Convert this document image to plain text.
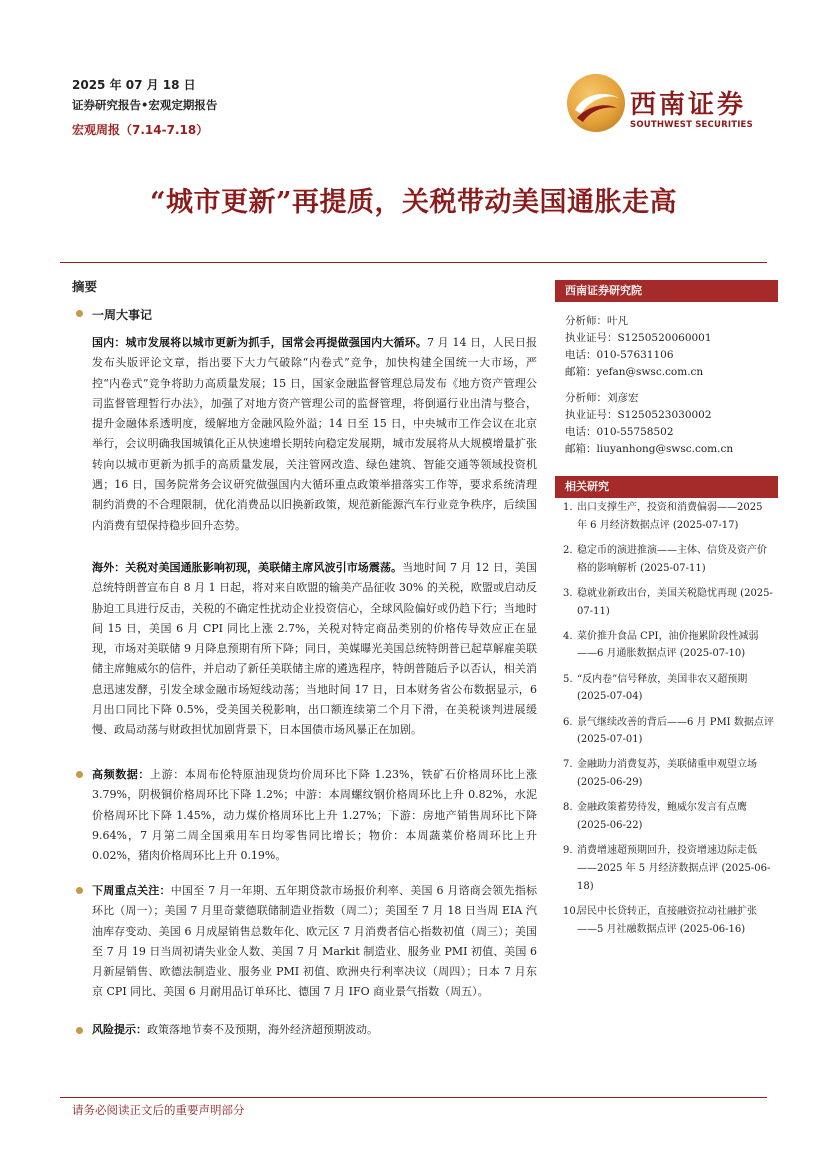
2025 年 07 月 18 日
证券研究报告•宏观定期报告
宏观周报（7.14-7.18）
西南证券
SOUTHWEST SECURITIES
“城市更新”再提质，关税带动美国通胀走高
摘要
一周大事记
国内：城市发展将以城市更新为抓手，国常会再提做强国内大循环。7 月 14 日，人民日报发布头版评论文章，指出要下大力气破除“内卷式”竞争，加快构建全国统一大市场，严控“内卷式”竞争将助力高质量发展；15 日，国家金融监督管理总局发布《地方资产管理公司监督管理暂行办法》，加强了对地方资产管理公司的监督管理，将倒逼行业出清与整合，提升金融体系透明度，缓解地方金融风险外溢；14 日至 15 日，中央城市工作会议在北京举行，会议明确我国城镇化正从快速增长期转向稳定发展期，城市发展将从大规模增量扩张转向以城市更新为抓手的高质量发展，关注管网改造、绿色建筑、智能交通等领域投资机遇；16 日，国务院常务会议研究做强国内大循环重点政策举措落实工作等，要求系统清理制约消费的不合理限制，优化消费品以旧换新政策，规范新能源汽车行业竞争秩序，后续国内消费有望保持稳步回升态势。
海外：关税对美国通胀影响初现，美联储主席风波引市场震荡。当地时间 7 月 12 日，美国总统特朗普宣布自 8 月 1 日起，将对来自欧盟的输美产品征收 30% 的关税，欧盟或启动反胁迫工具进行反击，关税的不确定性扰动企业投资信心，全球风险偏好或仍趋下行；当地时间 15 日，美国 6 月 CPI 同比上涨 2.7%，关税对特定商品类别的价格传导效应正在显现，市场对美联储 9 月降息预期有所下降；同日，美媒曝光美国总统特朗普已起草解雇美联储主席鲍威尔的信件，并启动了新任美联储主席的遴选程序，特朗普随后予以否认，相关消息迅速发酵，引发全球金融市场短线动荡；当地时间 17 日，日本财务省公布数据显示，6 月出口同比下降 0.5%，受美国关税影响，出口额连续第二个月下滑，在美税谈判进展缓慢、政局动荡与财政担忧加剧背景下，日本国债市场风暴正在加剧。
高频数据：上游：本周布伦特原油现货均价周环比下降 1.23%，铁矿石价格周环比上涨 3.79%，阴极铜价格周环比下降 1.2%；中游：本周螺纹钢价格周环比上升 0.82%，水泥价格周环比下降 1.45%，动力煤价格周环比上升 1.27%；下游：房地产销售周环比下降 9.64%，7 月第二周全国乘用车日均零售同比增长；物价：本周蔬菜价格周环比上升 0.02%，猪肉价格周环比上升 0.19%。
下周重点关注：中国至 7 月一年期、五年期贷款市场报价利率、美国 6 月谘商会领先指标环比（周一）；美国 7 月里奇蒙德联储制造业指数（周二）；美国至 7 月 18 日当周 EIA 汽油库存变动、美国 6 月成屋销售总数年化、欧元区 7 月消费者信心指数初值（周三）；美国至 7 月 19 日当周初请失业金人数、美国 7 月 Markit 制造业、服务业 PMI 初值、美国 6 月新屋销售、欧德法制造业、服务业 PMI 初值、欧洲央行利率决议（周四）；日本 7 月东京 CPI 同比、美国 6 月耐用品订单环比、德国 7 月 IFO 商业景气指数（周五）。
风险提示：政策落地节奏不及预期，海外经济超预期波动。
西南证券研究院
分析师：叶凡
执业证号：S1250520060001
电话：010-57631106
邮箱：yefan@swsc.com.cn
分析师：刘彦宏
执业证号：S1250523030002
电话：010-55758502
邮箱：liuyanhong@swsc.com.cn
相关研究
1. 出口支撑生产，投资和消费偏弱——2025 年 6 月经济数据点评 (2025-07-17)
2. 稳定币的演进推演——主体、信贷及资产价格的影响解析 (2025-07-11)
3. 稳就业新政出台，美国关税隐忧再现 (2025-07-11)
4. 菜价推升食品 CPI，油价拖累阶段性减弱——6 月通胀数据点评 (2025-07-10)
5. “反内卷”信号释放，美国非农又超预期 (2025-07-04)
6. 景气继续改善的背后——6 月 PMI 数据点评 (2025-07-01)
7. 金融助力消费复苏，美联储重申观望立场 (2025-06-29)
8. 金融政策蓄势待发，鲍威尔发言有点鹰 (2025-06-22)
9. 消费增速超预期回升，投资增速边际走低——2025 年 5 月经济数据点评 (2025-06-18)
10.
居民中长贷转正，直接融资拉动社融扩张——5 月社融数据点评 (2025-06-16)
请务必阅读正文后的重要声明部分
